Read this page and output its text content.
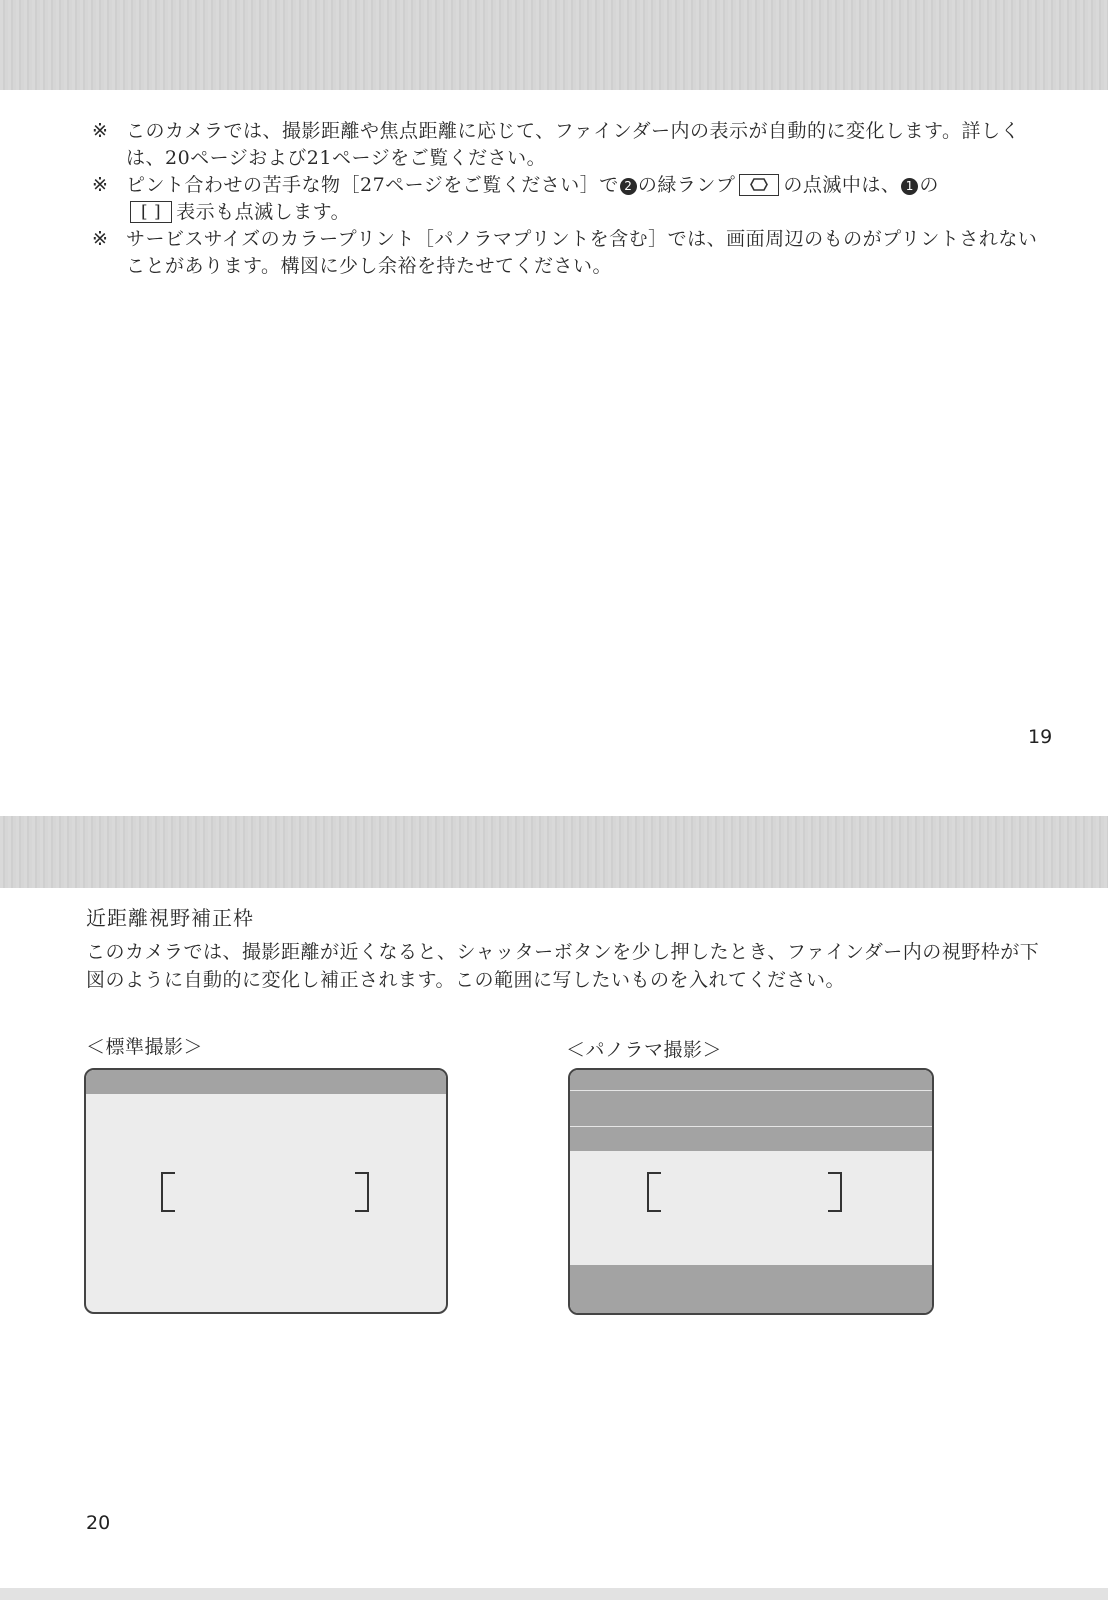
※ このカメラでは、撮影距離や焦点距離に応じて、ファインダー内の表示が自動的に変化します。詳しくは、20ページおよび21ページをご覧ください。
※ ピント合わせの苦手な物［27ページをご覧ください］で 2 の緑ランプ	の点滅中は、 1 の
[ ] 表示も点滅します。
※ サービスサイズのカラープリント［パノラマプリントを含む］では、画面周辺のものがプリントされないことがあります。構図に少し余裕を持たせてください。
19
近距離視野補正枠
このカメラでは、撮影距離が近くなると、シャッターボタンを少し押したとき、ファインダー内の視野枠が下図のように自動的に変化し補正されます。この範囲に写したいものを入れてください。
＜標準撮影＞	＜パノラマ撮影＞
20
